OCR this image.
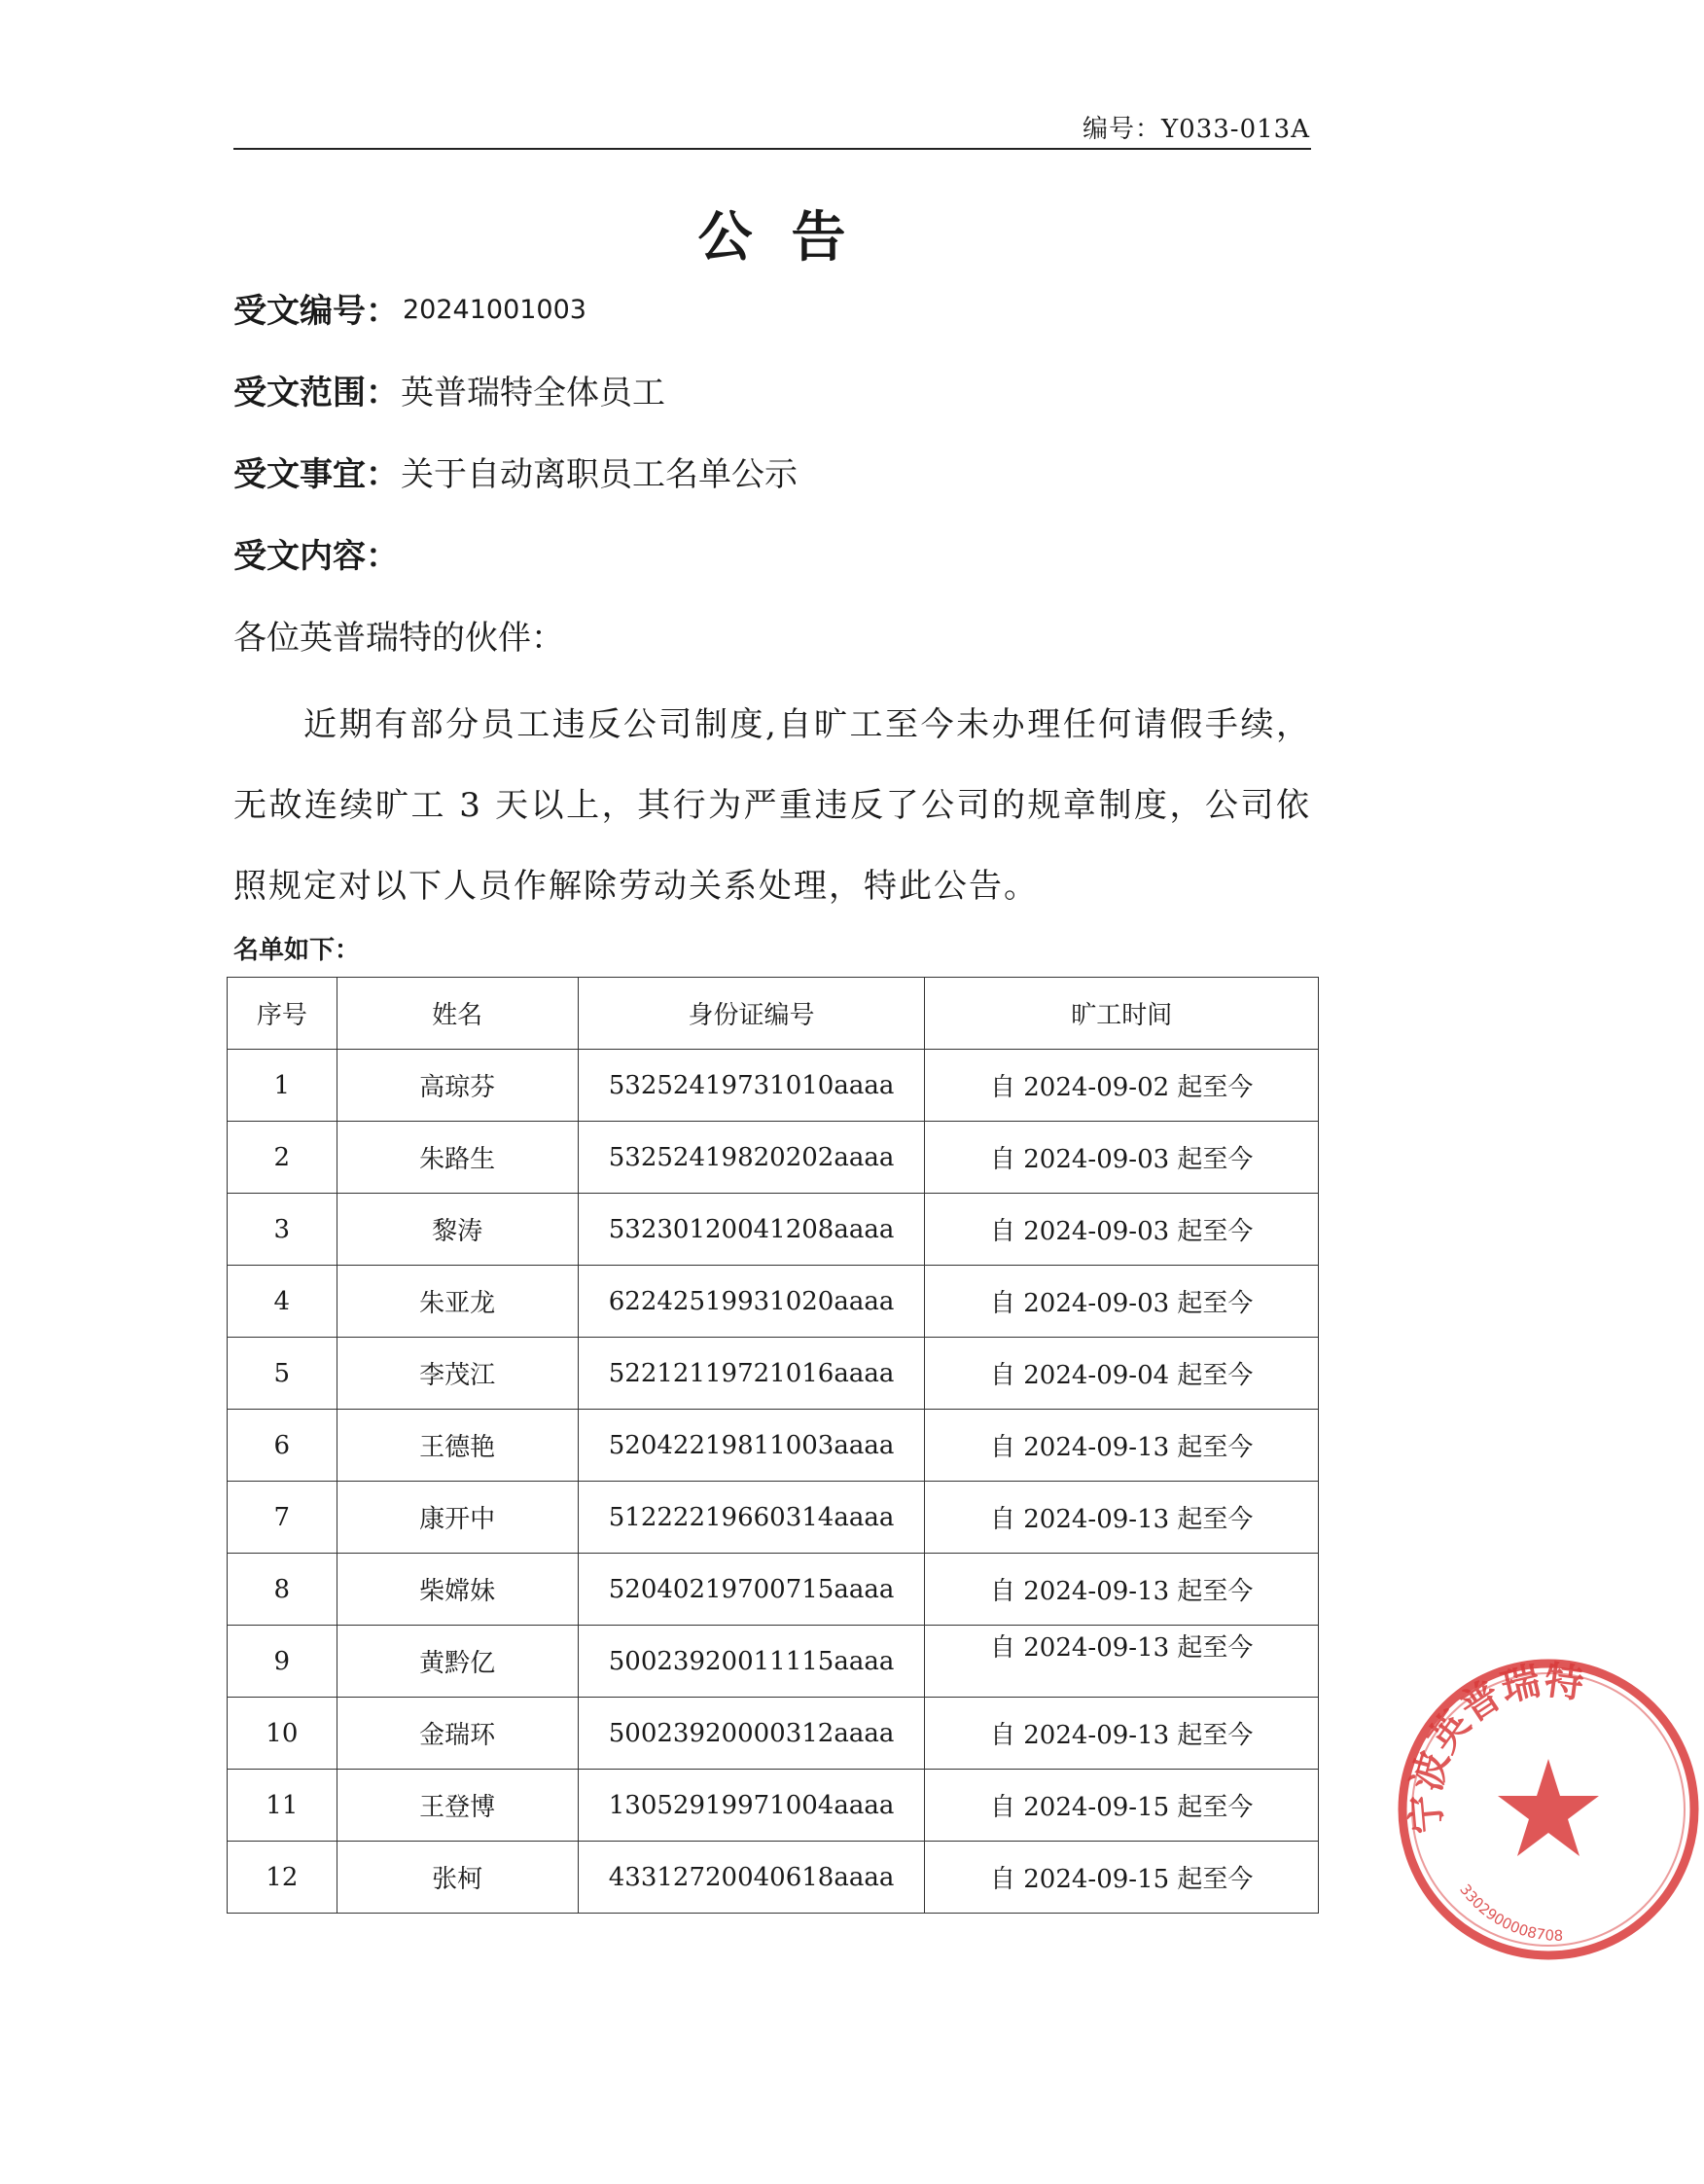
编号：Y033-013A
公告
受文编号： 20241001003
受文范围：英普瑞特全体员工
受文事宜：关于自动离职员工名单公示
受文内容：
各位英普瑞特的伙伴：
近期有部分员工违反公司制度,自旷工至今未办理任何请假手续，无故连续旷工 3 天以上，其行为严重违反了公司的规章制度，公司依照规定对以下人员作解除劳动关系处理，特此公告。
名单如下：
序号	姓名	身份证编号	旷工时间
1	高琼芬	53252419731010aaaa	自 2024-09-02 起至今
2	朱路生	53252419820202aaaa	自 2024-09-03 起至今
3	黎涛	53230120041208aaaa	自 2024-09-03 起至今
4	朱亚龙	62242519931020aaaa	自 2024-09-03 起至今
5	李茂江	52212119721016aaaa	自 2024-09-04 起至今
6	王德艳	52042219811003aaaa	自 2024-09-13 起至今
7	康开中	51222219660314aaaa	自 2024-09-13 起至今
8	柴嫦妹	52040219700715aaaa	自 2024-09-13 起至今
9	黄黔亿	50023920011115aaaa	自 2024-09-13 起至今
10	金瑞环	50023920000312aaaa	自 2024-09-13 起至今
11	王登博	13052919971004aaaa	自 2024-09-15 起至今
12	张柯	43312720040618aaaa	自 2024-09-15 起至今
宁波英普瑞特
3302900008708
